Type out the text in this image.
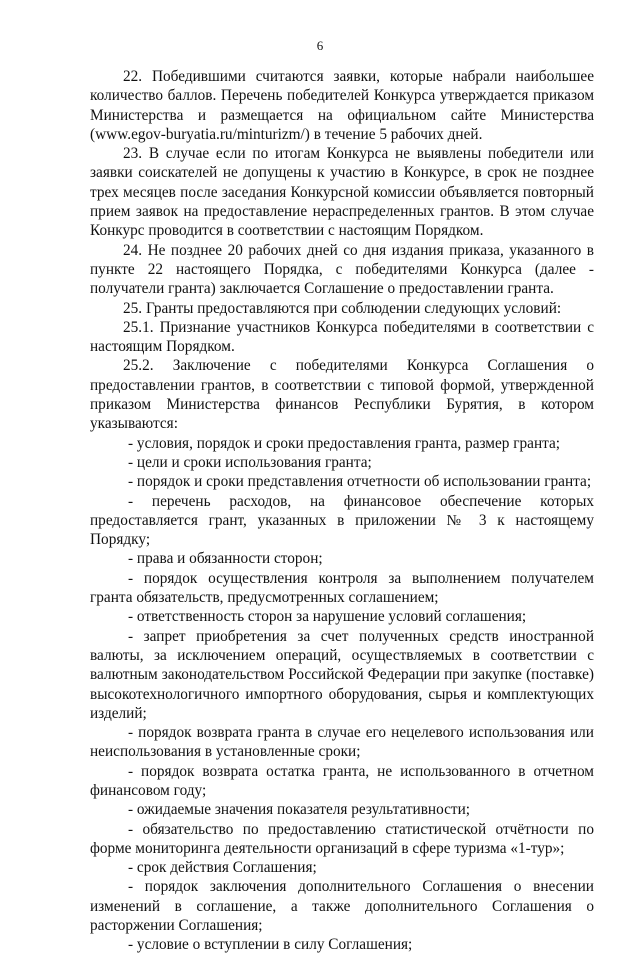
6

22. Победившими считаются заявки, которые набрали наибольшее количество баллов. Перечень победителей Конкурса утверждается приказом Министерства и размещается на официальном сайте Министерства (www.egov-buryatia.ru/minturizm/) в течение 5 рабочих дней.

23. В случае если по итогам Конкурса не выявлены победители или заявки соискателей не допущены к участию в Конкурсе, в срок не позднее трех месяцев после заседания Конкурсной комиссии объявляется повторный прием заявок на предоставление нераспределенных грантов. В этом случае Конкурс проводится в соответствии с настоящим Порядком.

24. Не позднее 20 рабочих дней со дня издания приказа, указанного в пункте 22 настоящего Порядка, с победителями Конкурса (далее - получатели гранта) заключается Соглашение о предоставлении гранта.

25. Гранты предоставляются при соблюдении следующих условий:

25.1. Признание участников Конкурса победителями в соответствии с настоящим Порядком.

25.2. Заключение с победителями Конкурса Соглашения о предоставлении грантов, в соответствии с типовой формой, утвержденной приказом Министерства финансов Республики Бурятия, в котором указываются:

- условия, порядок и сроки предоставления гранта, размер гранта;

- цели и сроки использования гранта;

- порядок и сроки представления отчетности об использовании гранта;

- перечень расходов, на финансовое обеспечение которых предоставляется грант, указанных в приложении № 3 к настоящему Порядку;

- права и обязанности сторон;

- порядок осуществления контроля за выполнением получателем гранта обязательств, предусмотренных соглашением;

- ответственность сторон за нарушение условий соглашения;

- запрет приобретения за счет полученных средств иностранной валюты, за исключением операций, осуществляемых в соответствии с валютным законодательством Российской Федерации при закупке (поставке) высокотехнологичного импортного оборудования, сырья и комплектующих изделий;

- порядок возврата гранта в случае его нецелевого использования или неиспользования в установленные сроки;

- порядок возврата остатка гранта, не использованного в отчетном финансовом году;

- ожидаемые значения показателя результативности;

- обязательство по предоставлению статистической отчётности по форме мониторинга деятельности организаций в сфере туризма «1-тур»;

- срок действия Соглашения;

- порядок заключения дополнительного Соглашения о внесении изменений в соглашение, а также дополнительного Соглашения о расторжении Соглашения;

- условие о вступлении в силу Соглашения;
